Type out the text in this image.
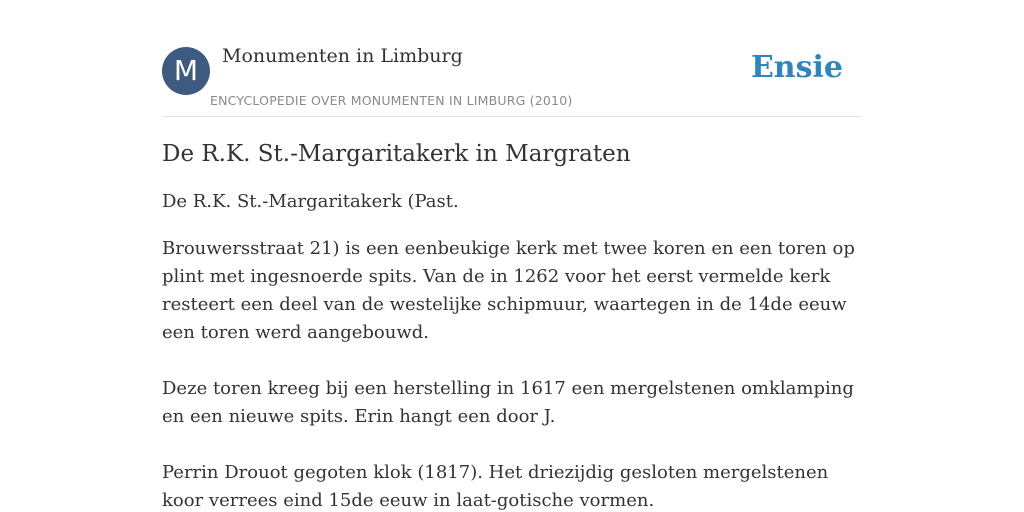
M	Monumenten in Limburg
ENCYCLOPEDIE OVER MONUMENTEN IN LIMBURG (2010)
Ensie
De R.K. St.-Margaritakerk in Margraten

De R.K. St.-Margaritakerk (Past.

Brouwersstraat 21) is een eenbeukige kerk met twee koren en een toren op plint met ingesnoerde spits. Van de in 1262 voor het eerst vermelde kerk resteert een deel van de westelijke schipmuur, waartegen in de 14de eeuw een toren werd aangebouwd.

Deze toren kreeg bij een herstelling in 1617 een mergelstenen omklamping en een nieuwe spits. Erin hangt een door J.

Perrin Drouot gegoten klok (1817). Het driezijdig gesloten mergelstenen koor verrees eind 15de eeuw in laat-gotische vormen.
